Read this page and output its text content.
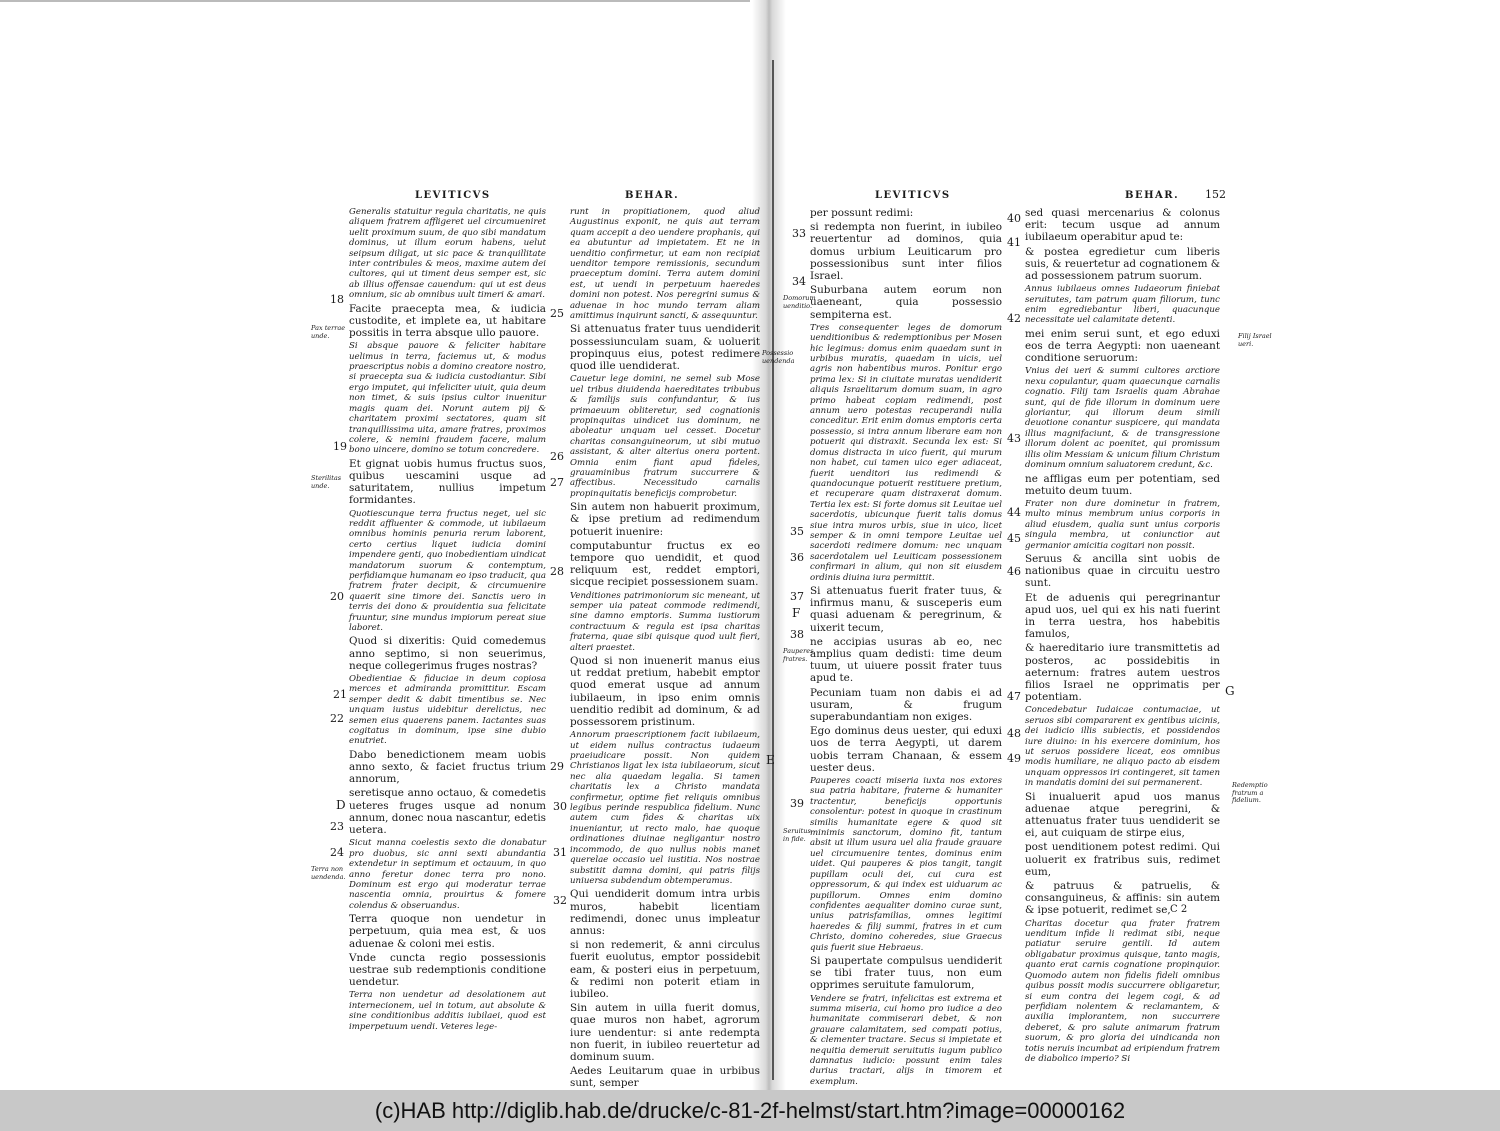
LEVITICVS	BEHAR.	LEVITICVS	BEHAR. 152
Generalis statuitur regula charitatis, ne quis aliquem fratrem affligeret uel circumueniret uelit proximum suum, de quo sibi mandatum dominus, ut illum eorum habens, uelut seipsum diligat, ut sic pace & tranquillitate inter contribules & meos, maxime autem dei cultores, qui ut timent deus semper est, sic ab illius offensae cauendum: qui ut est deus omnium, sic ab omnibus uult timeri & amari.
Facite praecepta mea, & iudicia custodite, et implete ea, ut habitare possitis in terra absque ullo pauore.
Si absque pauore & feliciter habitare uelimus in terra, faciemus ut, & modus praescriptus nobis a domino creatore nostro, si praecepta sua & iudicia custodiantur. Sibi ergo imputet, qui infeliciter uiuit, quia deum non timet, & suis ipsius cultor inuenitur magis quam dei. Norunt autem pij & charitatem proximi sectatores, quam sit tranquillissima uita, amare fratres, proximos colere, & nemini fraudem facere, malum bono uincere, domino se totum concredere.
Et gignat uobis humus fructus suos, quibus uescamini usque ad saturitatem, nullius impetum formidantes.
Quotiescunque terra fructus neget, uel sic reddit affluenter & commode, ut iubilaeum omnibus hominis penuria rerum laborent, certo certius liquet iudicia domini impendere genti, quo inobedientiam uindicat mandatorum suorum & contemptum, perfidiamque humanam eo ipso traducit, qua fratrem frater decipit, & circumuenire quaerit sine timore dei. Sanctis uero in terris dei dono & prouidentia sua felicitate fruuntur, sine mundus impiorum pereat siue laboret.
Quod si dixeritis: Quid comedemus anno septimo, si non seuerimus, neque collegerimus fruges nostras?
Obedientiae & fiduciae in deum copiosa merces et admiranda promittitur. Escam semper dedit & dabit timentibus se. Nec unquam iustus uidebitur derelictus, nec semen eius quaerens panem. Iactantes suas cogitatus in dominum, ipse sine dubio enutriet.
Dabo benedictionem meam uobis anno sexto, & faciet fructus trium annorum,
seretisque anno octauo, & comedetis ueteres fruges usque ad nonum annum, donec noua nascantur, edetis uetera.
Sicut manna coelestis sexto die donabatur pro duobus, sic anni sexti abundantia extendetur in septimum et octauum, in quo anno feretur donec terra pro nono. Dominum est ergo qui moderatur terrae nascentia omnia, prouirtus & fomere colendus & obseruandus.
Terra quoque non uendetur in perpetuum, quia mea est, & uos aduenae & coloni mei estis.
Vnde cuncta regio possessionis uestrae sub redemptionis conditione uendetur.
Terra non uendetur ad desolationem aut internecionem, uel in totum, aut absolute & sine conditionibus additis iubilaei, quod est imperpetuum uendi. Veteres lege-
runt in propitiationem, quod aliud Augustinus exponit, ne quis aut terram quam accepit a deo uendere prophanis, qui ea abutuntur ad impietatem. Et ne in uenditio confirmetur, ut eam non recipiat uenditor tempore remissionis, secundum praeceptum domini. Terra autem domini est, ut uendi in perpetuum haeredes domini non potest. Nos peregrini sumus & aduenae in hoc mundo terram aliam amittimus inquirunt sancti, & assequuntur.
Si attenuatus frater tuus uendiderit possessiunculam suam, & uoluerit propinquus eius, potest redimere quod ille uendiderat.
Cauetur lege domini, ne semel sub Mose uel tribus diuidenda haereditates tribubus & familijs suis confundantur, & ius primaeuum obliteretur, sed cognationis propinquitas uindicet ius dominum, ne aboleatur unquam uel cesset. Docetur charitas consanguineorum, ut sibi mutuo assistant, & alter alterius onera portent. Omnia enim fiant apud fideles, grauaminibus fratrum succurrere & affectibus. Necessitudo carnalis propinquitatis beneficijs comprobetur.
Sin autem non habuerit proximum, & ipse pretium ad redimendum potuerit inuenire:
computabuntur fructus ex eo tempore quo uendidit, et quod reliquum est, reddet emptori, sicque recipiet possessionem suam.
Venditiones patrimoniorum sic meneant, ut semper uia pateat commode redimendi, sine damno emptoris. Summa iustiorum contractuum & regula est ipsa charitas fraterna, quae sibi quisque quod uult fieri, alteri praestet.
Quod si non inuenerit manus eius ut reddat pretium, habebit emptor quod emerat usque ad annum iubilaeum, in ipso enim omnis uenditio redibit ad dominum, & ad possessorem pristinum.
Annorum praescriptionem facit iubilaeum, ut eidem nullus contractus iudaeum praeiudicare possit. Non quidem Christianos ligat lex ista iubilaeorum, sicut nec alia quaedam legalia. Si tamen charitatis lex a Christo mandata confirmetur, optime fiet reliquis omnibus legibus perinde respublica fidelium. Nunc autem cum fides & charitas uix inueniantur, ut recto malo, hae quoque ordinationes diuinae negligantur nostro incommodo, de quo nullus nobis manet querelae occasio uel iustitia. Nos nostrae substitit damna domini, qui patris filijs uniuersa subdendum obtemperamus.
Qui uendiderit domum intra urbis muros, habebit licentiam redimendi, donec unus impleatur annus:
si non redemerit, & anni circulus fuerit euolutus, emptor possidebit eam, & posteri eius in perpetuum, & redimi non poterit etiam in iubileo.
Sin autem in uilla fuerit domus, quae muros non habet, agrorum iure uendentur: si ante redempta non fuerit, in iubileo reuertetur ad dominum suum.
Aedes Leuitarum quae in urbibus sunt, semper
per possunt redimi:
si redempta non fuerint, in iubileo reuertentur ad dominos, quia domus urbium Leuiticarum pro possessionibus sunt inter filios Israel.
Suburbana autem eorum non uaeneant, quia possessio sempiterna est.
Tres consequenter leges de domorum uenditionibus & redemptionibus per Mosen hic legimus: domus enim quaedam sunt in urbibus muratis, quaedam in uicis, uel agris non habentibus muros. Ponitur ergo prima lex: Si in ciuitate muratas uendiderit aliquis Israelitarum domum suam, in agro primo habeat copiam redimendi, post annum uero potestas recuperandi nulla conceditur. Erit enim domus emptoris certa possessio, si intra annum liberare eam non potuerit qui distraxit. Secunda lex est: Si domus distracta in uico fuerit, qui murum non habet, cui tamen uico eger adiaceat, fuerit uenditori ius redimendi & quandocunque potuerit restituere pretium, et recuperare quam distraxerat domum. Tertia lex est: Si forte domus sit Leuitae uel sacerdotis, ubicunque fuerit talis domus siue intra muros urbis, siue in uico, licet semper & in omni tempore Leuitae uel sacerdoti redimere domum: nec unquam sacerdotalem uel Leuiticam possessionem confirmari in alium, qui non sit eiusdem ordinis diuina iura permittit.
Si attenuatus fuerit frater tuus, & infirmus manu, & susceperis eum quasi aduenam & peregrinum, & uixerit tecum,
ne accipias usuras ab eo, nec amplius quam dedisti: time deum tuum, ut uiuere possit frater tuus apud te.
Pecuniam tuam non dabis ei ad usuram, & frugum superabundantiam non exiges.
Ego dominus deus uester, qui eduxi uos de terra Aegypti, ut darem uobis terram Chanaan, & essem uester deus.
Pauperes coacti miseria iuxta nos extores sua patria habitare, fraterne & humaniter tractentur, beneficijs opportunis consolentur: potest in quoque in crastinum similis humanitate egere & quod sit minimis sanctorum, domino fit, tantum absit ut illum usura uel alia fraude grauare uel circumuenire tentes, dominus enim uidet. Qui pauperes & pios tangit, tangit pupillam oculi dei, cui cura est oppressorum, & qui index est uiduarum ac pupillorum. Omnes enim domino confidentes aequaliter domino curae sunt, unius patrisfamilias, omnes legitimi haeredes & filij summi, fratres in et cum Christo, domino coheredes, siue Graecus quis fuerit siue Hebraeus.
Si paupertate compulsus uendiderit se tibi frater tuus, non eum opprimes seruitute famulorum,
Vendere se fratri, infelicitas est extrema et summa miseria, cui homo pro iudice a deo humanitate commiserari debet, & non grauare calamitatem, sed compati potius, & clementer tractare. Secus si impietate et nequitia demeruit seruitutis iugum publico damnatus iudicio: possunt enim tales durius tractari, alijs in timorem et exemplum.
sed quasi mercenarius & colonus erit: tecum usque ad annum iubilaeum operabitur apud te:
& postea egredietur cum liberis suis, & reuertetur ad cognationem & ad possessionem patrum suorum.
Annus iubilaeus omnes Iudaeorum finiebat seruitutes, tam patrum quam filiorum, tunc enim egrediebantur liberi, quacunque necessitate uel calamitate detenti.
mei enim serui sunt, et ego eduxi eos de terra Aegypti: non uaeneant conditione seruorum:
Vnius dei ueri & summi cultores arctiore nexu copulantur, quam quaecunque carnalis cognatio. Filij tam Israelis quam Abrahae sunt, qui de fide illorum in dominum uere gloriantur, qui illorum deum simili deuotione conantur suspicere, qui mandata illius magnifaciunt, & de transgressione illorum dolent ac poenitet, qui promissum illis olim Messiam & unicum filium Christum dominum omnium saluatorem credunt, &c.
ne affligas eum per potentiam, sed metuito deum tuum.
Frater non dure dominetur in fratrem, multo minus membrum unius corporis in aliud eiusdem, qualia sunt unius corporis singula membra, ut coniunctior aut germanior amicitia cogitari non possit.
Seruus & ancilla sint uobis de nationibus quae in circuitu uestro sunt.
Et de aduenis qui peregrinantur apud uos, uel qui ex his nati fuerint in terra uestra, hos habebitis famulos,
& haereditario iure transmittetis ad posteros, ac possidebitis in aeternum: fratres autem uestros filios Israel ne opprimatis per potentiam.
Concedebatur Iudaicae contumaciae, ut seruos sibi compararent ex gentibus uicinis, dei iudicio illis subiectis, et possidendos iure diuino: in his exercere dominium, hos ut seruos possidere liceat, eos omnibus modis humiliare, ne aliquo pacto ab eisdem unquam oppressos iri contingeret, sit tamen in mandatis domini dei sui permanerent.
Si inualuerit apud uos manus aduenae atque peregrini, & attenuatus frater tuus uendiderit se ei, aut cuiquam de stirpe eius,
post uenditionem potest redimi. Qui uoluerit ex fratribus suis, redimet eum,
& patruus & patruelis, & consanguineus, & affinis: sin autem & ipse potuerit, redimet se,
Charitas docetur qua frater fratrem uenditum infide li redimat sibi, neque patiatur seruire gentili. Id autem obligabatur proximus quisque, tanto magis, quanto erat carnis cognatione propinquior. Quomodo autem non fidelis fideli omnibus quibus possit modis succurrere obligaretur, si eum contra dei legem cogi, & ad perfidiam nolentem & reclamantem, & auxilia implorantem, non succurrere deberet, & pro salute animarum fratrum suorum, & pro gloria dei uindicanda non totis neruis incumbat ad eripiendum fratrem de diabolico imperio? Si
18
19
20
21
22
23
24
25
26
27
28
29
30
31
32
33
34
35
36
37
38
39
40
41
42
43
44
45
46
47
48
49
Pax terrae unde.
Sterilitas unde.
Terra non uendenda.
Possessio uendenda
D
E
Domorum uenditio.
Pauperes fratres.
Seruitus in fide.
Filij Israel ueri.
Redemptio fratrum a fidelium.
F
G
C 2
(c)HAB http://diglib.hab.de/drucke/c-81-2f-helmst/start.htm?image=00000162
